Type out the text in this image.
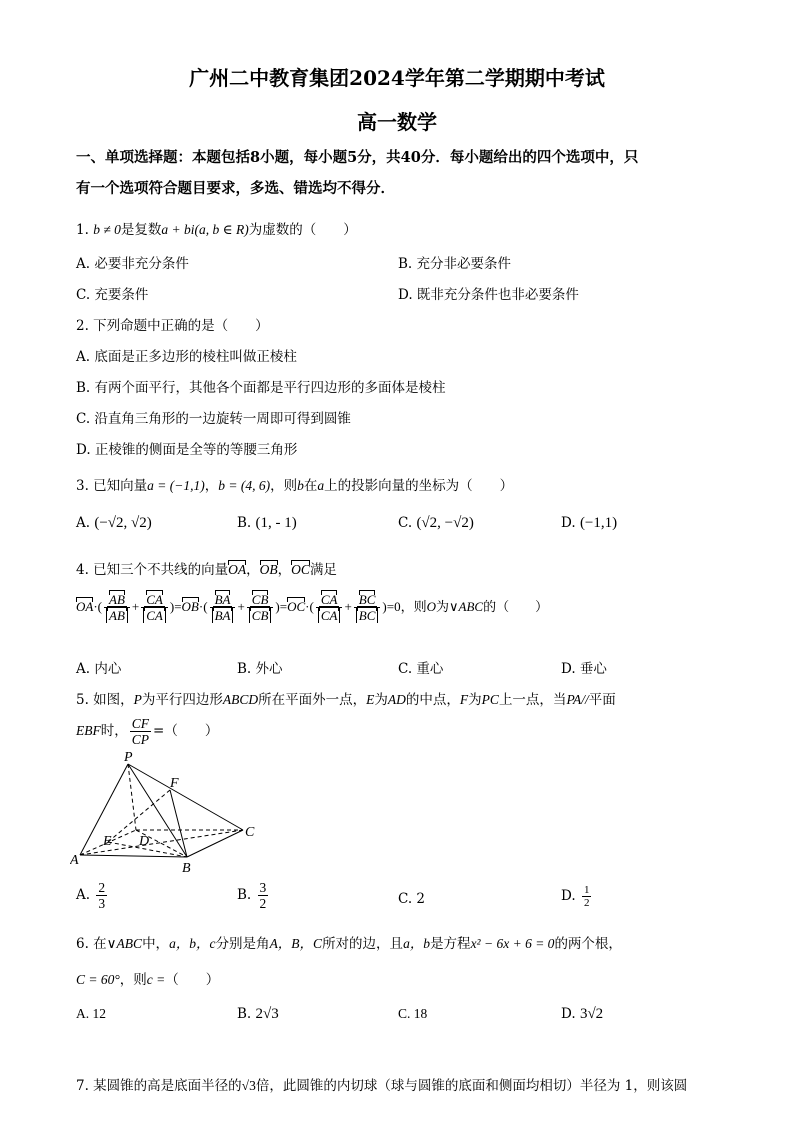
广州二中教育集团2024学年第二学期期中考试
高一数学
一、单项选择题：本题包括8小题，每小题5分，共40分．每小题给出的四个选项中，只
有一个选项符合题目要求，多选、错选均不得分．
1. b ≠ 0是复数a + bi(a, b ∈ R)为虚数的（　　）
A. 必要非充分条件	B. 充分非必要条件
C. 充要条件	D. 既非充分条件也非必要条件
2. 下列命题中正确的是（　　）
A. 底面是正多边形的棱柱叫做正棱柱
B. 有两个面平行，其他各个面都是平行四边形的多面体是棱柱
C. 沿直角三角形的一边旋转一周即可得到圆锥
D. 正棱锥的侧面是全等的等腰三角形
3. 已知向量a = (−1,1)，b = (4, 6)，则b在a上的投影向量的坐标为（　　）
A. (−√2, √2)	B. (1, - 1)	C. (√2, −√2)	D. (−1,1)
4. 已知三个不共线的向量OA，OB，OC满足
$OA\cdot( \frac{AB}{AB} + \frac{CA}{CA} )=OB\cdot( \frac{BA}{BA} + \frac{CB}{CB} )=OC\cdot( \frac{CA}{CA} + \frac{BC}{BC} )=0$，则O为∨ABC的（　　）
A. 内心	B. 外心	C. 重心	D. 垂心
5. 如图，P为平行四边形ABCD所在平面外一点，E为AD的中点，F为PC上一点，当PA//平面
EBF时， $\frac{CF}{CP}$ =（　　）
P
F
C
E D
A
B
A. $\frac{2}{3}$	B. $\frac{3}{2}$	C. 2	D. $\frac{1}{2}$
6. 在∨ABC中，a，b，c分别是角A，B，C所对的边，且a，b是方程x² − 6x + 6 = 0的两个根，
C = 60°，则c =（　　）
A. 12	B. 2√3	C. 18	D. 3√2
7. 某圆锥的高是底面半径的√3倍，此圆锥的内切球（球与圆锥的底面和侧面均相切）半径为 1，则该圆
